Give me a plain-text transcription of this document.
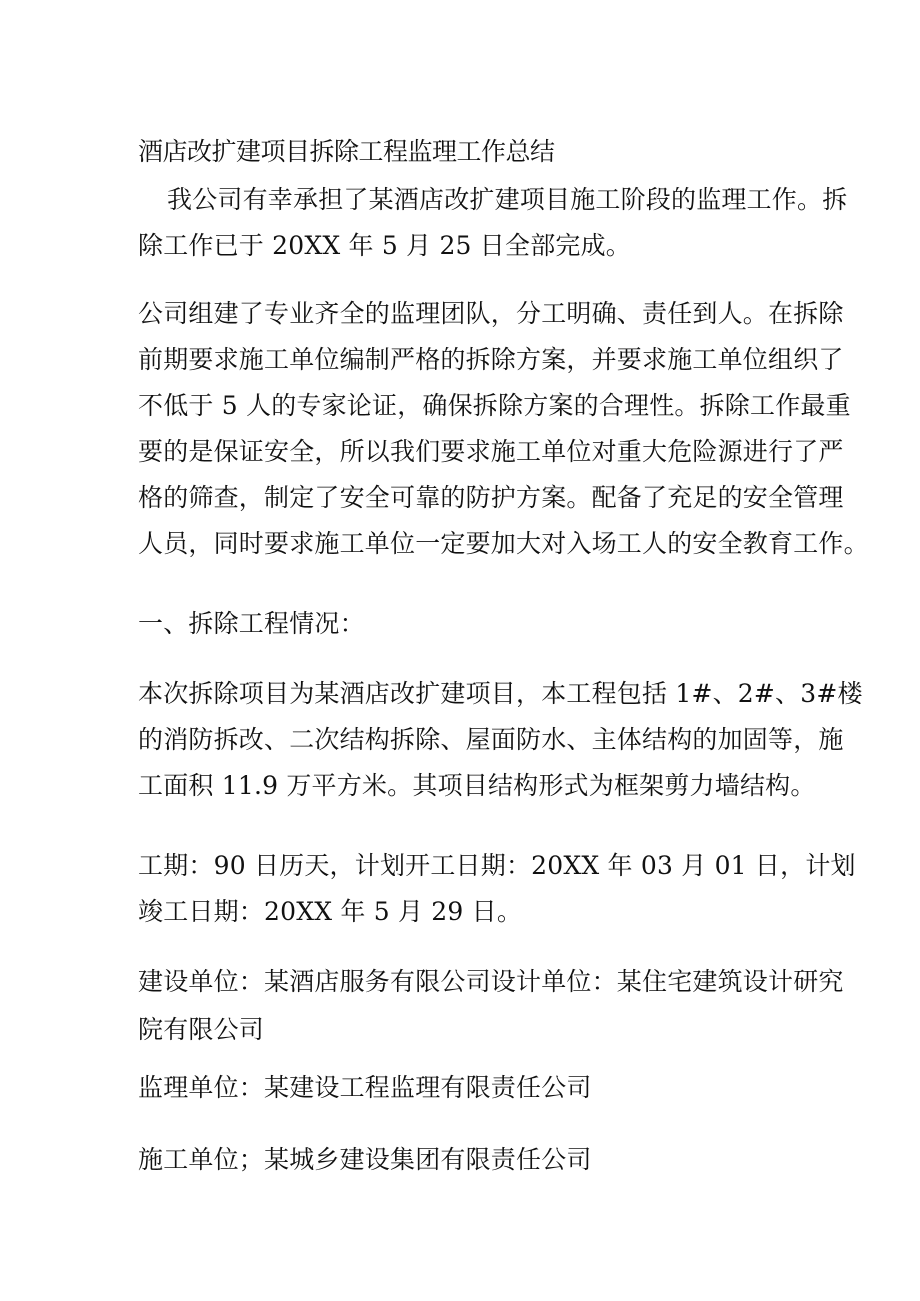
酒店改扩建项目拆除工程监理工作总结
我公司有幸承担了某酒店改扩建项目施工阶段的监理工作。拆
除工作已于 20XX 年 5 月 25 日全部完成。
公司组建了专业齐全的监理团队，分工明确、责任到人。在拆除
前期要求施工单位编制严格的拆除方案，并要求施工单位组织了
不低于 5 人的专家论证，确保拆除方案的合理性。拆除工作最重
要的是保证安全，所以我们要求施工单位对重大危险源进行了严
格的筛查，制定了安全可靠的防护方案。配备了充足的安全管理
人员，同时要求施工单位一定要加大对入场工人的安全教育工作。
一、拆除工程情况：
本次拆除项目为某酒店改扩建项目，本工程包括 1#、2#、3#楼
的消防拆改、二次结构拆除、屋面防水、主体结构的加固等，施
工面积 11.9 万平方米。其项目结构形式为框架剪力墙结构。
工期：90 日历天，计划开工日期：20XX 年 03 月 01 日，计划
竣工日期：20XX 年 5 月 29 日。
建设单位：某酒店服务有限公司设计单位：某住宅建筑设计研究
院有限公司
监理单位：某建设工程监理有限责任公司
施工单位；某城乡建设集团有限责任公司
